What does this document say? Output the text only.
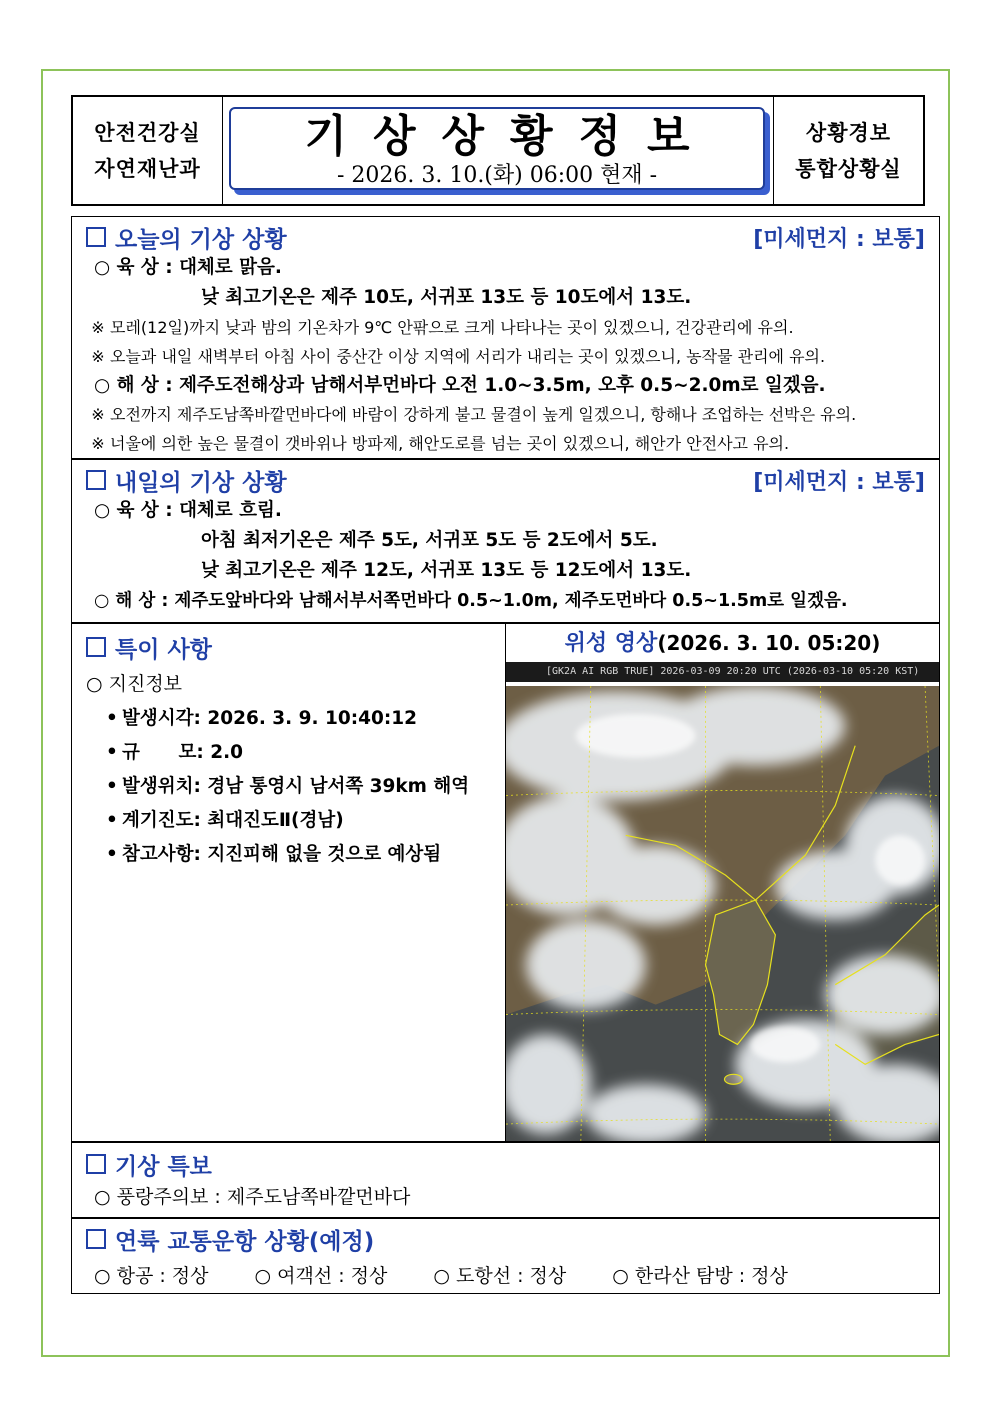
안전건강실
자연재난과
기상상황정보
- 2026. 3. 10.(화) 06:00 현재 -
상황경보
통합상황실
오늘의 기상 상황	[미세먼지 : 보통]
○ 육 상 : 대체로 맑음.
낮 최고기온은 제주 10도, 서귀포 13도 등 10도에서 13도.
※ 모레(12일)까지 낮과 밤의 기온차가 9℃ 안팎으로 크게 나타나는 곳이 있겠으니, 건강관리에 유의.
※ 오늘과 내일 새벽부터 아침 사이 중산간 이상 지역에 서리가 내리는 곳이 있겠으니, 농작물 관리에 유의.
○ 해 상 : 제주도전해상과 남해서부먼바다 오전 1.0~3.5m, 오후 0.5~2.0m로 일겠음.
※ 오전까지 제주도남쪽바깥먼바다에 바람이 강하게 불고 물결이 높게 일겠으니, 항해나 조업하는 선박은 유의.
※ 너울에 의한 높은 물결이 갯바위나 방파제, 해안도로를 넘는 곳이 있겠으니, 해안가 안전사고 유의.
내일의 기상 상황	[미세먼지 : 보통]
○ 육 상 : 대체로 흐림.
아침 최저기온은 제주 5도, 서귀포 5도 등 2도에서 5도.
낮 최고기온은 제주 12도, 서귀포 13도 등 12도에서 13도.
○ 해 상 : 제주도앞바다와 남해서부서쪽먼바다 0.5~1.0m, 제주도먼바다 0.5~1.5m로 일겠음.
특이 사항
○ 지진정보
• 발생시각: 2026. 3. 9. 10:40:12
• 규      모: 2.0
• 발생위치: 경남 통영시 남서쪽 39km 해역
• 계기진도: 최대진도Ⅱ(경남)
• 참고사항: 지진피해 없을 것으로 예상됨
위성 영상(2026. 3. 10. 05:20)
[GK2A AI RGB TRUE] 2026-03-09 20:20 UTC (2026-03-10 05:20 KST)
기상 특보
○ 풍랑주의보 : 제주도남쪽바깥먼바다
연륙 교통운항 상황(예정)
○ 항공 : 정상 ○ 여객선 : 정상 ○ 도항선 : 정상 ○ 한라산 탐방 : 정상
